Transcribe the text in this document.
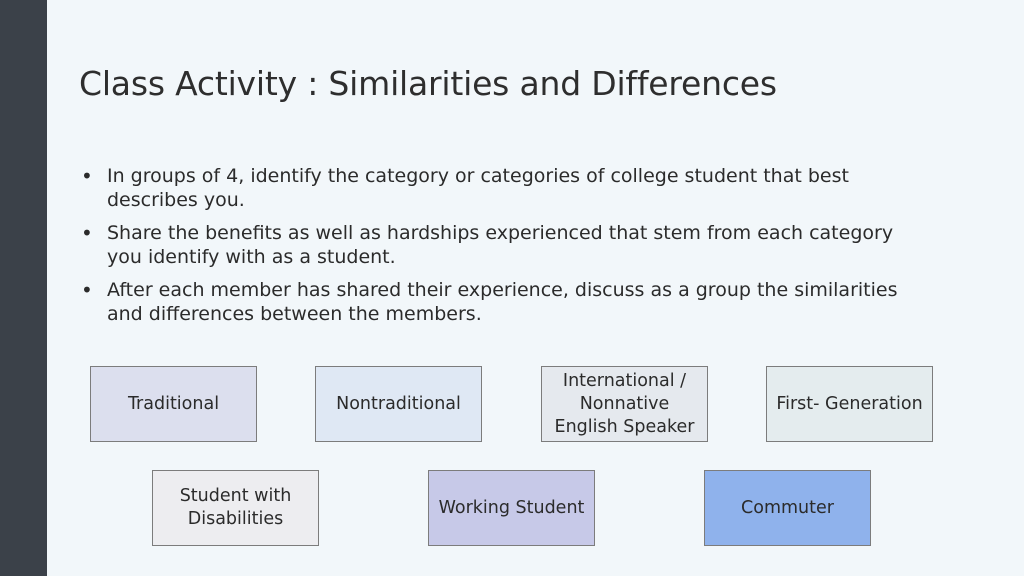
Class Activity : Similarities and Differences
• In groups of 4, identify the category or categories of college student that best describes you.
• Share the benefits as well as hardships experienced that stem from each category you identify with as a student.
• After each member has shared their experience, discuss as a group the similarities and differences between the members.
Traditional	Nontraditional
International / Nonnative English Speaker
First- Generation
Student with Disabilities
Working Student	Commuter
